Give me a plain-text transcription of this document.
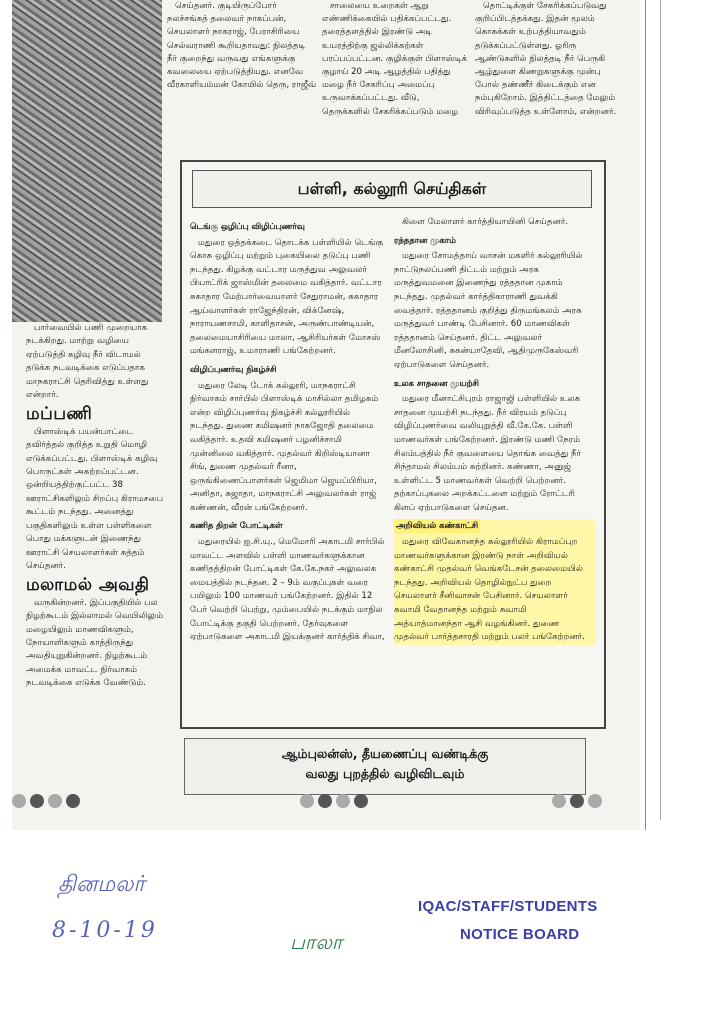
செய்தனர். குடியிருப்போர் நலச்சங்கத் தலைவர் நாகப்பன், செயலாளர் நாகராஜ், பேராசிரியை செல்வராணி கூறியதாவது: நிலத்தடி நீர் குறைந்து வருவது எங்களுக்கு கவலையை ஏற்படுத்தியது. எனவே வீரகாளியம்மன் கோயில் தெரு, ராஜீவ்

சாலையை உறைகள் ஆறு எண்ணிக்கையில் பதிக்கப்பட்டது. தரைத்தளத்தில் இரண்டு அடி உயரத்திற்கு ஜல்லிக்கற்கள் பரப்பப்பட்டன. குழிக்குள் பிளாஸ்டிக் குழாய் 20 அடி ஆழத்தில் பதித்து மழை நீர் சேகரிப்பு அமைப்பு உருவாக்கப்பட்டது. வீடு, தெருக்களில் சேகரிக்கப்படும் மழை

தொட்டிக்குள் சேகரிக்கப்படுவது குறிப்பிடத்தக்கது. இதன் மூலம் கொசுக்கள் உற்பத்தியாவதும் தடுக்கப்பட்டுள்ளது. ஓரிரு ஆண்டுகளில் நிலத்தடி நீர் பெருகி ஆழ்துளை கிணறுகளுக்கு முன்பு போல் தண்ணீர் கிடைக்கும் என நம்புகிறோம். இத்திட்டத்தை மேலும் விரிவுப்படுத்த உள்ளோம், என்றனர்.

பார்வையில் பணி முறையாக நடக்கிறது. மாற்று வழியை ஏற்படுத்தி கழிவு நீர் விடாமல் தடுக்க நடவடிக்கை எடுப்பதாக மாநகராட்சி தெரிவித்து உள்ளது என்றார்.

மப்பணி

பிளாஸ்டிக் பயன்பாட்டை தவிர்த்தல் குறித்த உறுதி மொழி எடுக்கப்பட்டது. பிளாஸ்டிக் கழிவு பொருட்கள் அகற்றப்பட்டன. ஒன்றியத்திற்குட்பட்ட 38 ஊராட்சிகளிலும் சிறப்பு கிராமசபை கூட்டம் நடந்தது. அனைத்து பகுதிகளிலும் உள்ள பள்ளிகளை பொது மக்களுடன் இணைந்து ஊராட்சி செயலாளர்கள் சுத்தம் செய்தனர்.

மலாமல் அவதி

வருகின்றனர். இப்பகுதியில் பல நிழற்கூடம் இல்லாமல் வெயிலிலும் மழையிலும் மாணவிகளும், நோயாளிகளும் காத்திருந்து அவதியுறுகின்றனர். நிழற்கூடம் அமைக்க மாவட்ட நிர்வாகம் நடவடிக்கை எடுக்க வேண்டும்.

பள்ளி, கல்லூரி செய்திகள்
டெங்கு ஒழிப்பு விழிப்புணர்வு

மதுரை ஒத்தக்கடை தொடக்க பள்ளியில் டெங்கு கொசு ஒழிப்பு மற்றும் புகையிலை தடுப்பு பணி நடந்தது. கிழக்கு வட்டார மருத்துவ அலுவலர் பியாட்ரிக் ஜாஸ்மின் தலைமை வகித்தார். வட்டார சுகாதார மேற்பார்வையாளர் சேதுராமன், சுகாதார ஆய்வாளர்கள் ராஜேந்திரன், விக்னேஷ், நாராயணசாமி, காளிதாசன், அருண்பாண்டியன், தலைமையாசிரியை மாலா, ஆசிரியர்கள் மோசஸ் மங்களராஜ், உமாராணி பங்கேற்றனர்.

விழிப்புணர்வு நிகழ்ச்சி

மதுரை லேடி டோக் கல்லூரி, மாநகராட்சி நிர்வாகம் சார்பில் பிளாஸ்டிக் மாசில்லா தமிழகம் என்ற விழிப்புணர்வு நிகழ்ச்சி கல்லூரியில் நடந்தது. துணை கமிஷனர் நாகஜோதி தலைமை வகித்தார். உதவி கமிஷனர் பழனிச்சாமி முன்னிலை வகித்தார். முதல்வர் கிறிஸ்டியானா சிங், துணை முதல்வர் ரீனா, ஒருங்கிணைப்பாளர்கள் ஜெமிமா ஜெயப்பிரியா, அனிதா, சுஜாதா, மாநகராட்சி அலுவலர்கள் ராஜ் கண்ணன், வீரன் பங்கேற்றனர்.

கணித திறன் போட்டிகள்

மதுரையில் ஐ.சி.யு., மெமோரி அகாடமி சார்பில் மாவட்ட அளவில் பள்ளி மாணவர்களுக்கான கணிதத்திறன் போட்டிகள் கே.கே.நகர் அலுவலக மையத்தில் நடந்தன. 2 – 9ம் வகுப்புகள் வரை பயிலும் 100 மாணவர் பங்கேற்றனர். இதில் 12 பேர் வெற்றி பெற்று, மும்பையில் நடக்கும் மாநில போட்டிக்கு தகுதி பெற்றனர். தேர்வுகளை ஏற்பாடுகளை அகாடமி இயக்குனர் கார்த்திக் சிவா,

கிளை மேலாளர் கார்த்தியாயினி செய்தனர்.

ரத்ததான முகாம்

மதுரை சோமத்தாய் வாசன் மகளிர் கல்லூரியில் நாட்டுநலப்பணி திட்டம் மற்றும் அரசு மருத்துவமனை இணைந்து ரத்ததான முகாம் நடந்தது. முதல்வர் கார்த்திகாராணி துவக்கி வைத்தார். ரத்ததானம் குறித்து திருமங்கலம் அரசு மருத்துவர் பாண்டி பேசினார். 60 மாணவிகள் ரத்ததானம் செய்தனர். திட்ட அலுவலர் மீனலோசினி, சுகன்யாதேவி, ஆதிமுருகேஸ்வரி ஏற்பாடுகளை செய்தனர்.

உலக சாதனை முயற்சி

மதுரை மீனாட்சிபுரம் ராஜாஜி பள்ளியில் உலக சாதனை முயற்சி நடந்தது. நீர் விரயம் தடுப்பு விழிப்புணர்வை வலியுறுத்தி வீ.கே.கே. பள்ளி மாணவர்கள் பங்கேற்றனர். இரண்டு மணி நேரம் சிலம்பத்தில் நீர் குவளையை தொங்க வைத்து நீர் சிந்தாமல் சிலம்பம் சுற்றினர். கண்ணா, அனுஜ் உள்ளிட்ட 5 மாணவர்கள் வெற்றி பெற்றனர். தற்காப்புகலை அறக்கட்டளை மற்றும் ரோட்டரி கிளப் ஏற்பாடுகளை செய்தன.

அறிவியல் கண்காட்சி

மதுரை விவேகானந்த கல்லூரியில் கிராமப்புற மாணவர்களுக்கான இரண்டு நாள் அறிவியல் கண்காட்சி முதல்வர் வெங்கடேசன் தலைமையில் நடந்தது. அறிவியல் தொழில்நுட்ப துறை செயலாளர் சீனிவாசன் பேசினார். செயலாளர் சுவாமி வேதானந்த மற்றும் சுவாமி அத்யாத்மானந்தா ஆசி வழங்கினர். துணை முதல்வர் பார்த்தசாரதி மற்றும் பலர் பங்கேற்றனர்.

ஆம்புலன்ஸ், தீயணைப்பு வண்டிக்கு
வலது புறத்தில் வழிவிடவும்
தினமலர்
8-10-19	பாலா
IQAC/STAFF/STUDENTS
NOTICE BOARD
